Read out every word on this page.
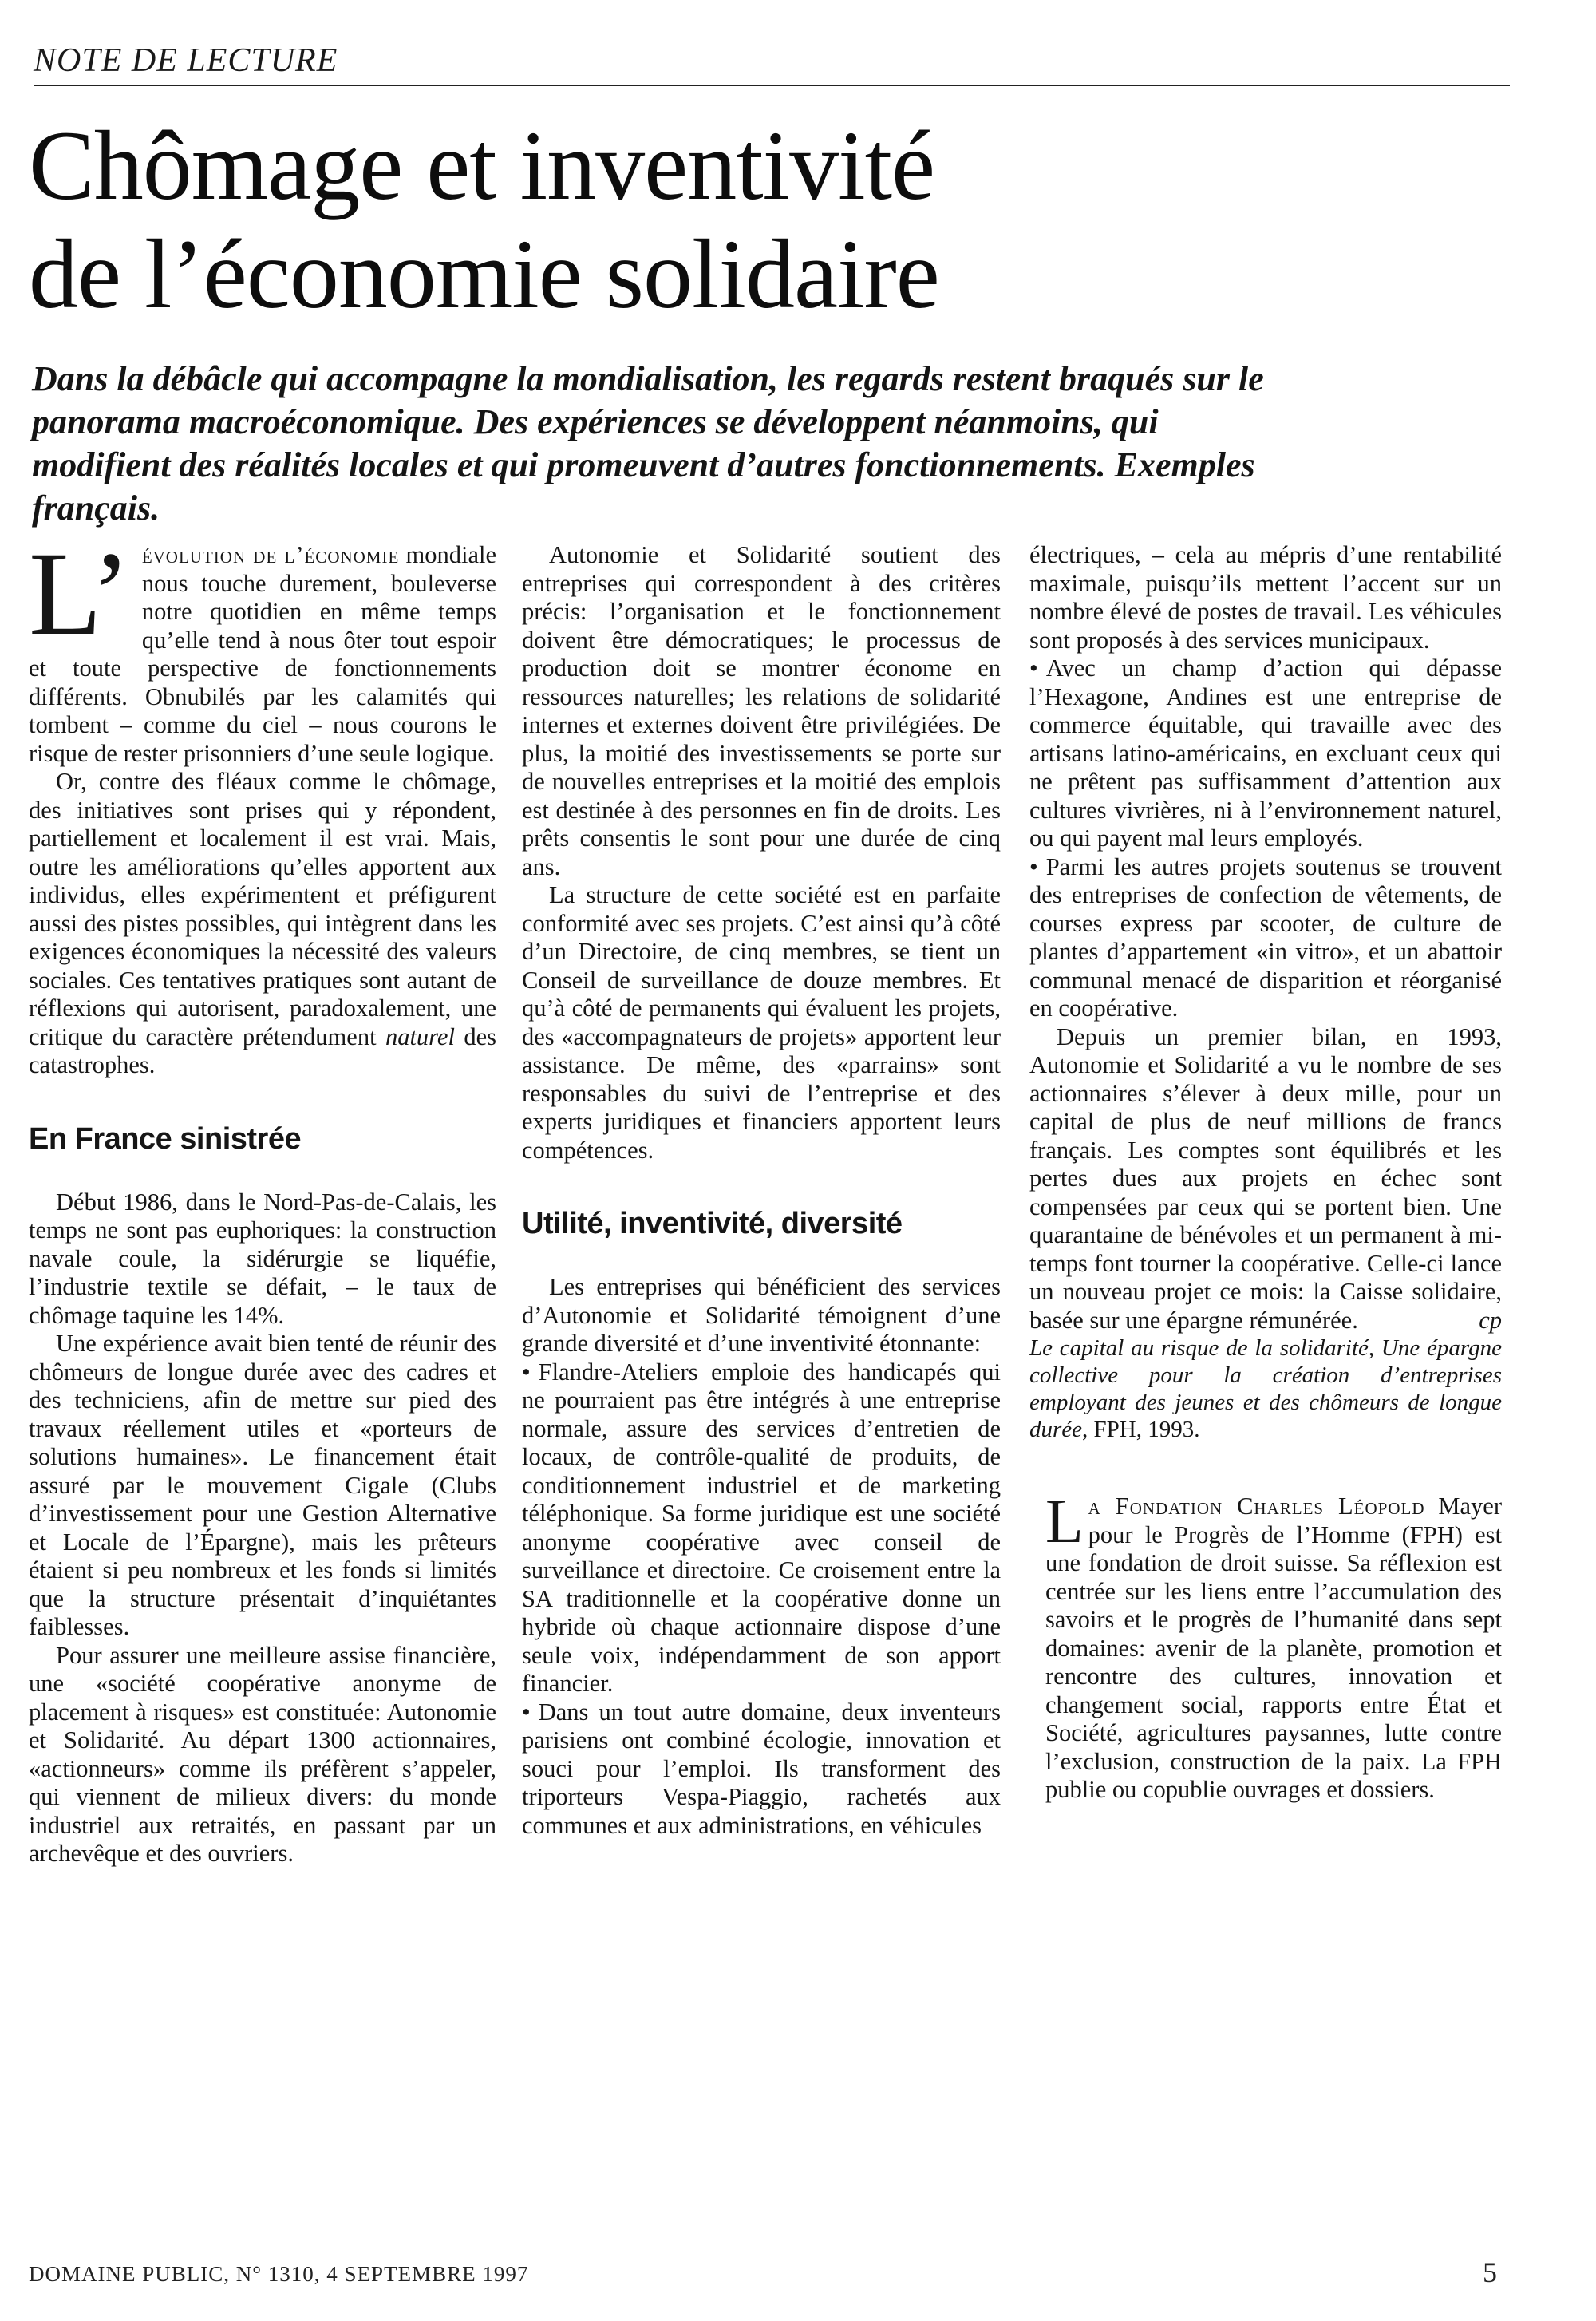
NOTE DE LECTURE
Chômage et inventivité
de l’économie solidaire
Dans la débâcle qui accompagne la mondialisation, les regards restent braqués sur le panorama macroéconomique. Des expériences se développent néanmoins, qui modifient des réalités locales et qui promeuvent d’autres fonctionnements. Exemples français.

L’ évolution de l’économie mondiale nous touche durement, bouleverse notre quotidien en même temps qu’elle tend à nous ôter tout espoir et toute perspective de fonctionnements différents. Obnubilés par les calamités qui tombent – comme du ciel – nous courons le risque de rester prisonniers d’une seule logique.

Or, contre des fléaux comme le chômage, des initiatives sont prises qui y répondent, partiellement et localement il est vrai. Mais, outre les améliorations qu’elles apportent aux individus, elles expérimentent et préfigurent aussi des pistes possibles, qui intègrent dans les exigences économiques la nécessité des valeurs sociales. Ces tentatives pratiques sont autant de réflexions qui autorisent, paradoxalement, une critique du caractère prétendument naturel des catastrophes.

En France sinistrée

Début 1986, dans le Nord-Pas-de-Calais, les temps ne sont pas euphoriques: la construction navale coule, la sidérurgie se liquéfie, l’industrie textile se défait, – le taux de chômage taquine les 14%.

Une expérience avait bien tenté de réunir des chômeurs de longue durée avec des cadres et des techniciens, afin de mettre sur pied des travaux réellement utiles et «porteurs de solutions humaines». Le financement était assuré par le mouvement Cigale (Clubs d’investissement pour une Gestion Alternative et Locale de l’Épargne), mais les prêteurs étaient si peu nombreux et les fonds si limités que la structure présentait d’inquiétantes faiblesses.

Pour assurer une meilleure assise financière, une «société coopérative anonyme de placement à risques» est constituée: Autonomie et Solidarité. Au départ 1300 actionnaires, «actionneurs» comme ils préfèrent s’appeler, qui viennent de milieux divers: du monde industriel aux retraités, en passant par un archevêque et des ouvriers.

Autonomie et Solidarité soutient des entreprises qui correspondent à des critères précis: l’organisation et le fonctionnement doivent être démocratiques; le processus de production doit se montrer économe en ressources naturelles; les relations de solidarité internes et externes doivent être privilégiées. De plus, la moitié des investissements se porte sur de nouvelles entreprises et la moitié des emplois est destinée à des personnes en fin de droits. Les prêts consentis le sont pour une durée de cinq ans.

La structure de cette société est en parfaite conformité avec ses projets. C’est ainsi qu’à côté d’un Directoire, de cinq membres, se tient un Conseil de surveillance de douze membres. Et qu’à côté de permanents qui évaluent les projets, des «accompagnateurs de projets» apportent leur assistance. De même, des «parrains» sont responsables du suivi de l’entreprise et des experts juridiques et financiers apportent leurs compétences.

Utilité, inventivité, diversité

Les entreprises qui bénéficient des services d’Autonomie et Solidarité témoignent d’une grande diversité et d’une inventivité étonnante:

• Flandre-Ateliers emploie des handicapés qui ne pourraient pas être intégrés à une entreprise normale, assure des services d’entretien de locaux, de contrôle-qualité de produits, de conditionnement industriel et de marketing téléphonique. Sa forme juridique est une société anonyme coopérative avec conseil de surveillance et directoire. Ce croisement entre la SA traditionnelle et la coopérative donne un hybride où chaque actionnaire dispose d’une seule voix, indépendamment de son apport financier.

• Dans un tout autre domaine, deux inventeurs parisiens ont combiné écologie, innovation et souci pour l’emploi. Ils transforment des triporteurs Vespa-Piaggio, rachetés aux communes et aux administrations, en véhicules

électriques, – cela au mépris d’une rentabilité maximale, puisqu’ils mettent l’accent sur un nombre élevé de postes de travail. Les véhicules sont proposés à des services municipaux.

• Avec un champ d’action qui dépasse l’Hexagone, Andines est une entreprise de commerce équitable, qui travaille avec des artisans latino-américains, en excluant ceux qui ne prêtent pas suffisamment d’attention aux cultures vivrières, ni à l’environnement naturel, ou qui payent mal leurs employés.

• Parmi les autres projets soutenus se trouvent des entreprises de confection de vêtements, de courses express par scooter, de culture de plantes d’appartement «in vitro», et un abattoir communal menacé de disparition et réorganisé en coopérative.

Depuis un premier bilan, en 1993, Autonomie et Solidarité a vu le nombre de ses actionnaires s’élever à deux mille, pour un capital de plus de neuf millions de francs français. Les comptes sont équilibrés et les pertes dues aux projets en échec sont compensées par ceux qui se portent bien. Une quarantaine de bénévoles et un permanent à mi-temps font tourner la coopérative. Celle-ci lance un nouveau projet ce mois: la Caisse solidaire, basée sur une épargne rémunérée.	cp

Le capital au risque de la solidarité, Une épargne collective pour la création d’entreprises employant des jeunes et des chômeurs de longue durée, FPH, 1993.

La Fondation Charles Léopold Mayer pour le Progrès de l’Homme (FPH) est une fondation de droit suisse. Sa réflexion est centrée sur les liens entre l’accumulation des savoirs et le progrès de l’humanité dans sept domaines: avenir de la planète, promotion et rencontre des cultures, innovation et changement social, rapports entre État et Société, agricultures paysannes, lutte contre l’exclusion, construction de la paix. La FPH publie ou copublie ouvrages et dossiers.
DOMAINE PUBLIC, N° 1310, 4 SEPTEMBRE 1997	5
